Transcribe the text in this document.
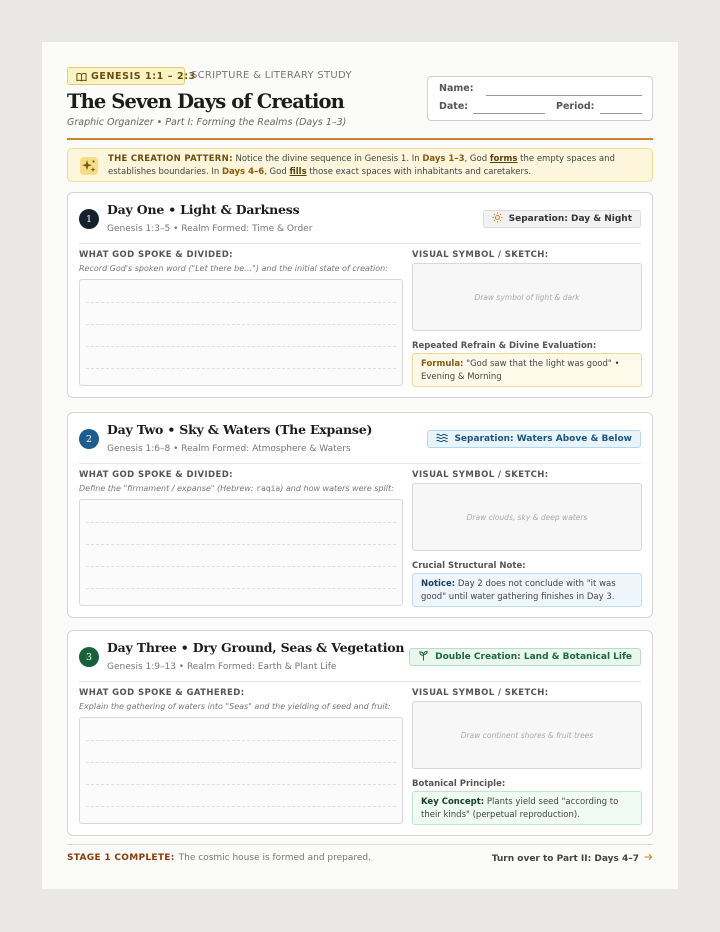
GENESIS 1:1 – 2:3
SCRIPTURE & LITERARY STUDY
The Seven Days of Creation
Graphic Organizer • Part I: Forming the Realms (Days 1–3)
Name:
Date:	Period:
THE CREATION PATTERN: Notice the divine sequence in Genesis 1. In Days 1–3, God forms the empty spaces and establishes boundaries. In Days 4–6, God fills those exact spaces with inhabitants and caretakers.
1
Day One • Light & Darkness
Genesis 1:3–5 • Realm Formed: Time & Order
Separation: Day & Night
WHAT GOD SPOKE & DIVIDED:
Record God's spoken word ("Let there be…") and the initial state of creation:
VISUAL SYMBOL / SKETCH:
Draw symbol of light & dark
Repeated Refrain & Divine Evaluation:
Formula: "God saw that the light was good" • Evening & Morning
2
Day Two • Sky & Waters (The Expanse)
Genesis 1:6–8 • Realm Formed: Atmosphere & Waters
Separation: Waters Above & Below
WHAT GOD SPOKE & DIVIDED:
Define the "firmament / expanse" (Hebrew: raqia) and how waters were split:
VISUAL SYMBOL / SKETCH:
Draw clouds, sky & deep waters
Crucial Structural Note:
Notice: Day 2 does not conclude with "it was good" until water gathering finishes in Day 3.
3
Day Three • Dry Ground, Seas & Vegetation
Genesis 1:9–13 • Realm Formed: Earth & Plant Life
Double Creation: Land & Botanical Life
WHAT GOD SPOKE & GATHERED:
Explain the gathering of waters into "Seas" and the yielding of seed and fruit:
VISUAL SYMBOL / SKETCH:
Draw continent shores & fruit trees
Botanical Principle:
Key Concept: Plants yield seed "according to their kinds" (perpetual reproduction).
STAGE 1 COMPLETE: The cosmic house is formed and prepared.	Turn over to Part II: Days 4–7
